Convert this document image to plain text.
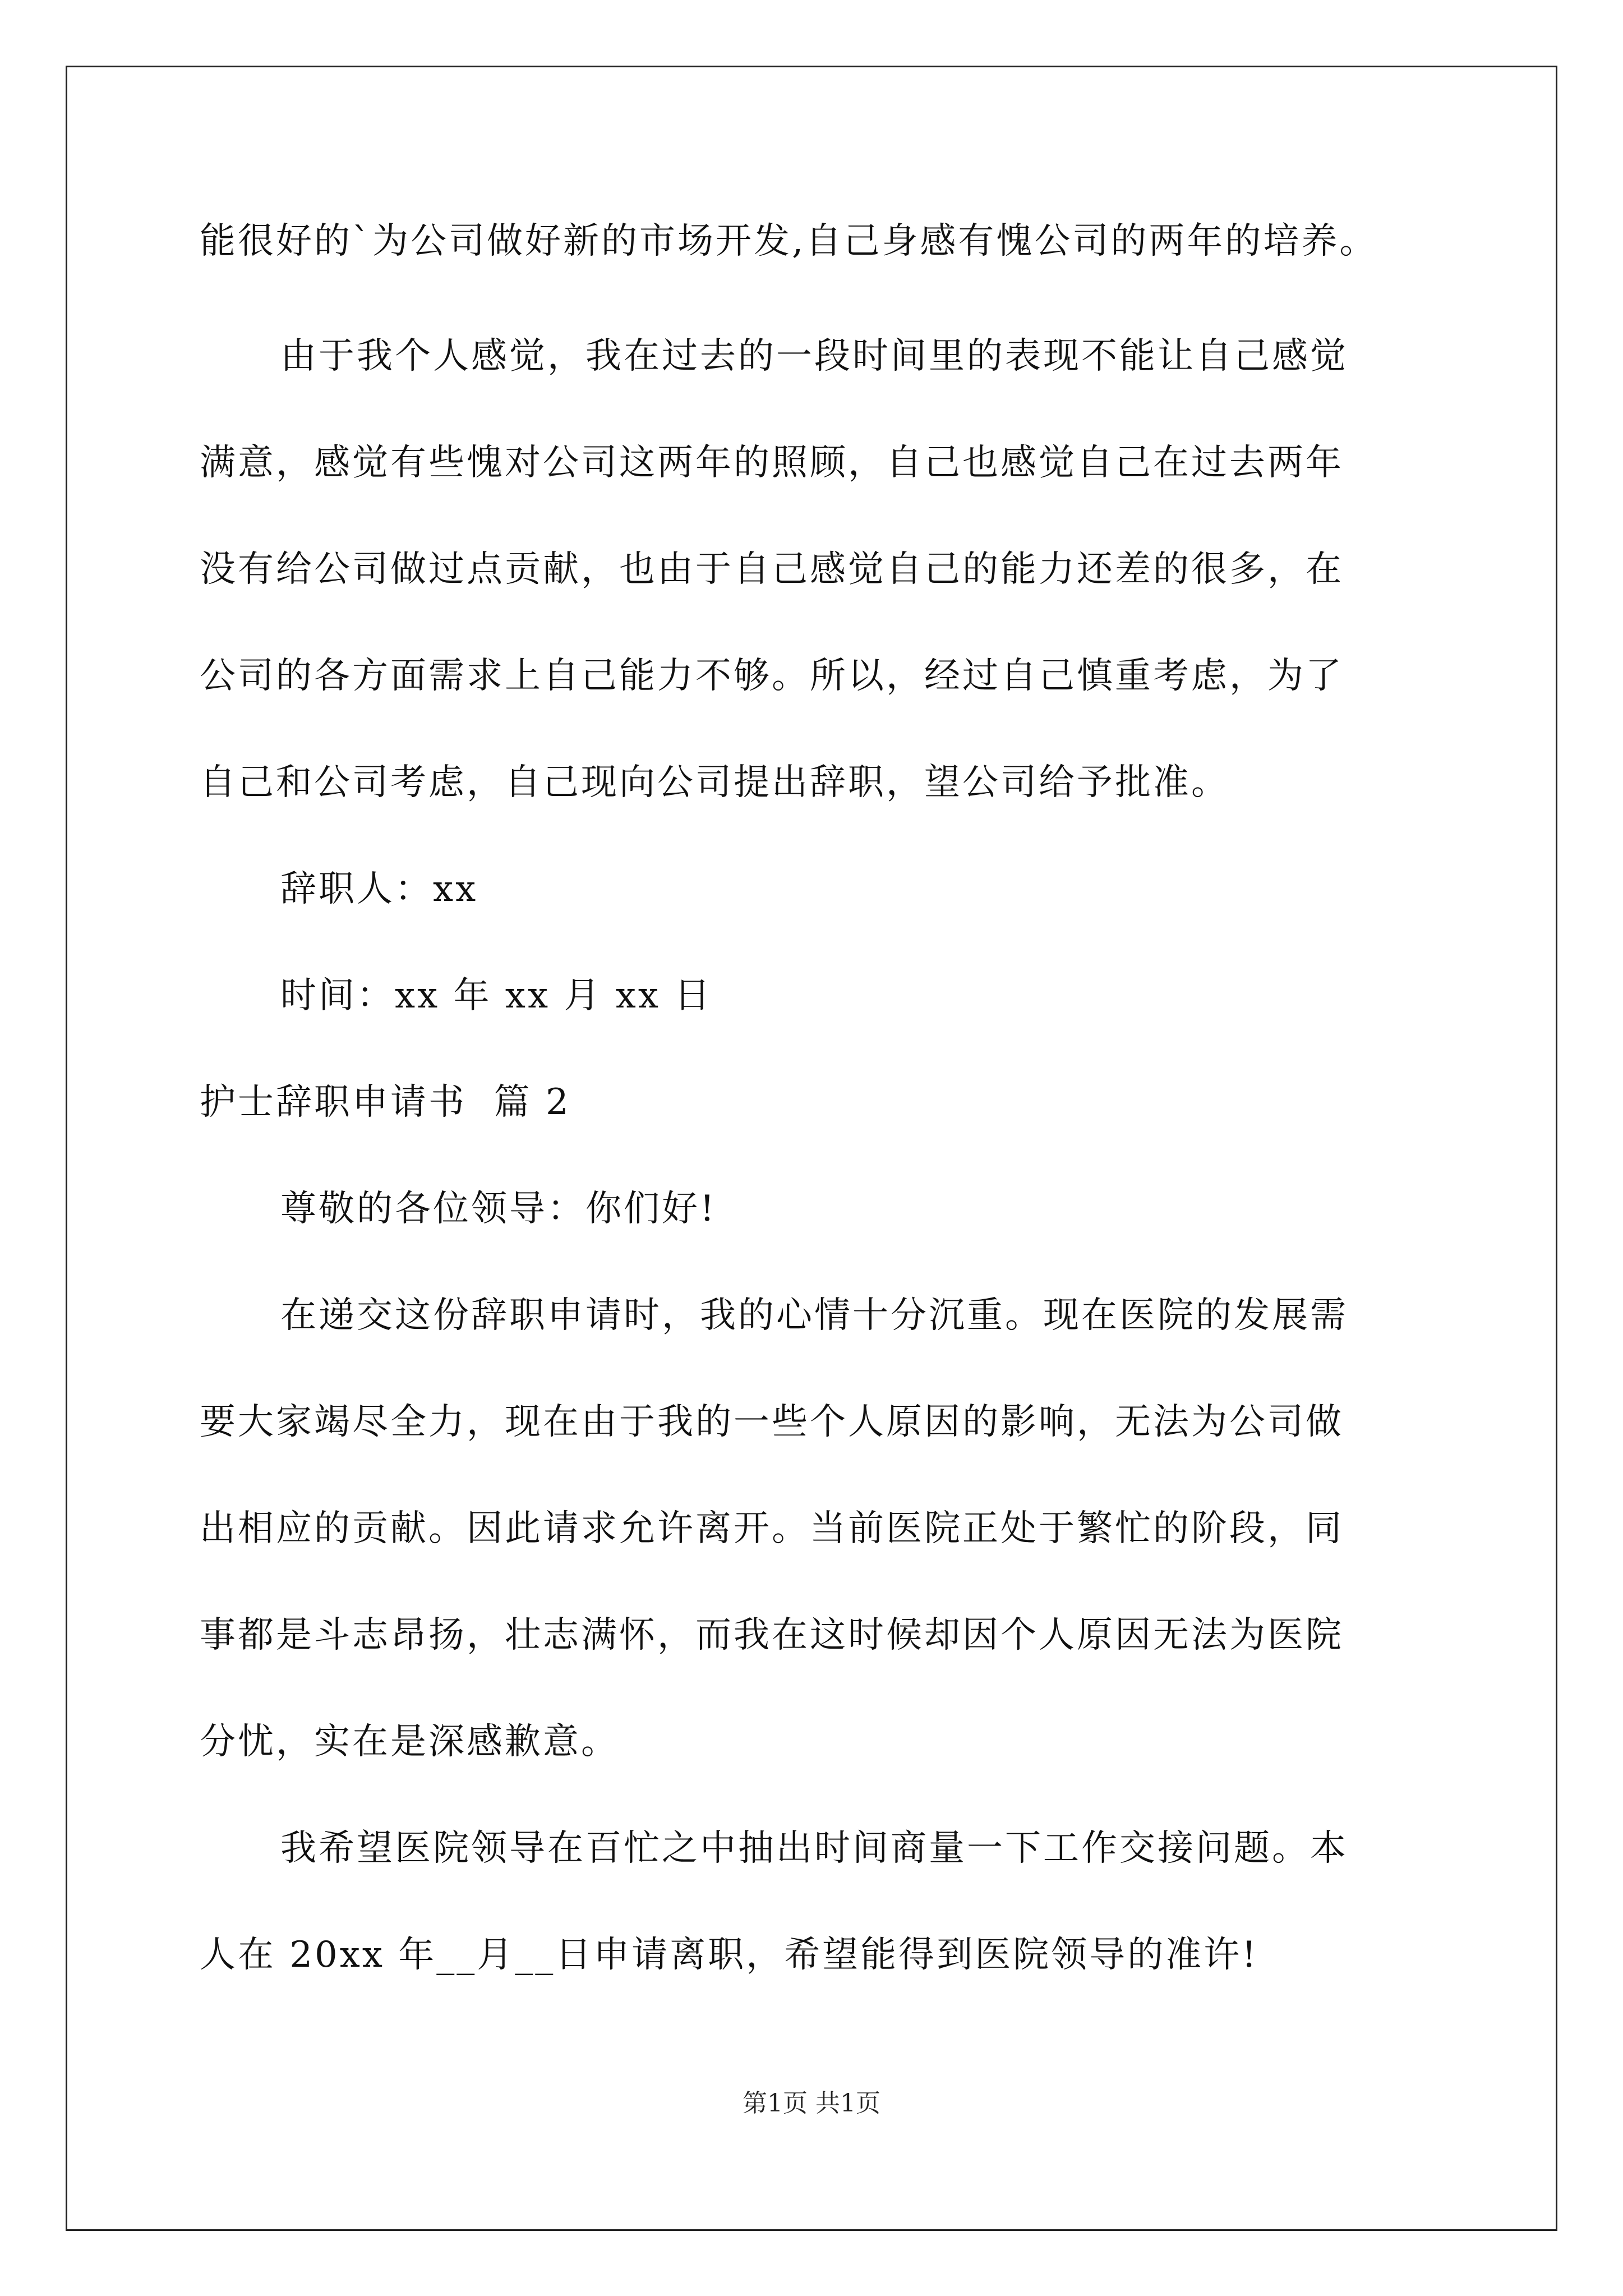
能很好的`为公司做好新的市场开发,自己身感有愧公司的两年的培养。
由于我个人感觉，我在过去的一段时间里的表现不能让自己感觉
满意，感觉有些愧对公司这两年的照顾，自己也感觉自己在过去两年
没有给公司做过点贡献，也由于自己感觉自己的能力还差的很多，在
公司的各方面需求上自己能力不够。所以，经过自己慎重考虑，为了
自己和公司考虑，自己现向公司提出辞职，望公司给予批准。
辞职人：xx
时间：xx 年 xx 月 xx 日
护士辞职申请书  篇 2
尊敬的各位领导：你们好!
在递交这份辞职申请时，我的心情十分沉重。现在医院的发展需
要大家竭尽全力，现在由于我的一些个人原因的影响，无法为公司做
出相应的贡献。因此请求允许离开。当前医院正处于繁忙的阶段，同
事都是斗志昂扬，壮志满怀，而我在这时候却因个人原因无法为医院
分忧，实在是深感歉意。
我希望医院领导在百忙之中抽出时间商量一下工作交接问题。本
人在 20xx 年__月__日申请离职，希望能得到医院领导的准许!
第1页 共1页
